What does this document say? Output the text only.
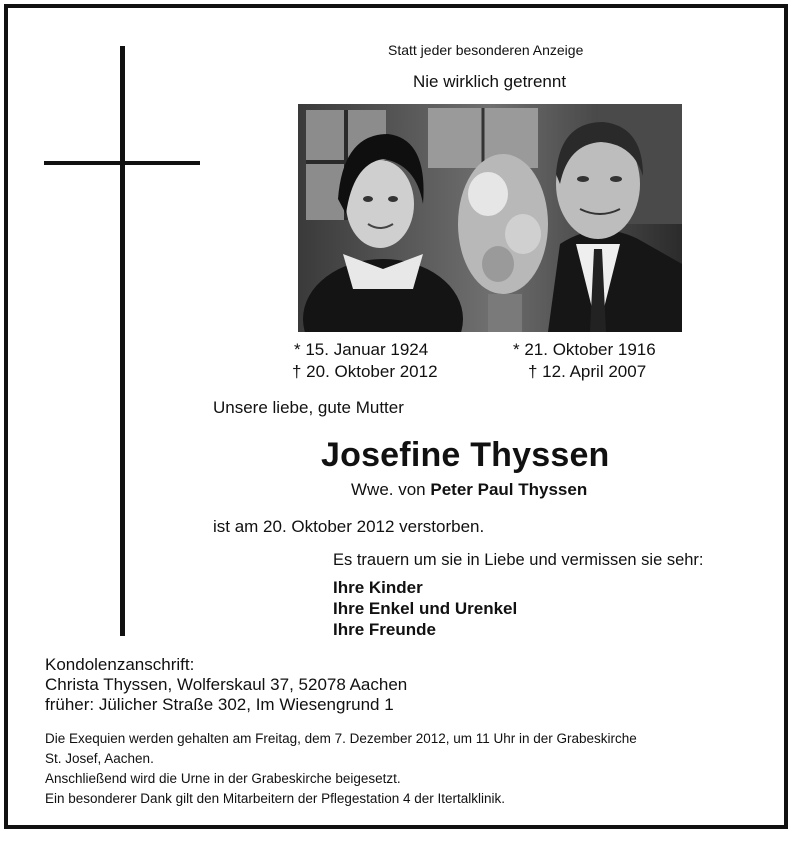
Statt jeder besonderen Anzeige
Nie wirklich getrennt
* 15. Januar 1924
† 20. Oktober 2012
* 21. Oktober 1916
† 12. April 2007
Unsere liebe, gute Mutter
Josefine Thyssen
Wwe. von Peter Paul Thyssen
ist am 20. Oktober 2012 verstorben.
Es trauern um sie in Liebe und vermissen sie sehr:
Ihre Kinder
Ihre Enkel und Urenkel
Ihre Freunde
Kondolenzanschrift:
Christa Thyssen, Wolferskaul 37, 52078 Aachen
früher: Jülicher Straße 302, Im Wiesengrund 1
Die Exequien werden gehalten am Freitag, dem 7. Dezember 2012, um 11 Uhr in der Grabeskirche
St. Josef, Aachen.
Anschließend wird die Urne in der Grabeskirche beigesetzt.
Ein besonderer Dank gilt den Mitarbeitern der Pflegestation 4 der Itertalklinik.
